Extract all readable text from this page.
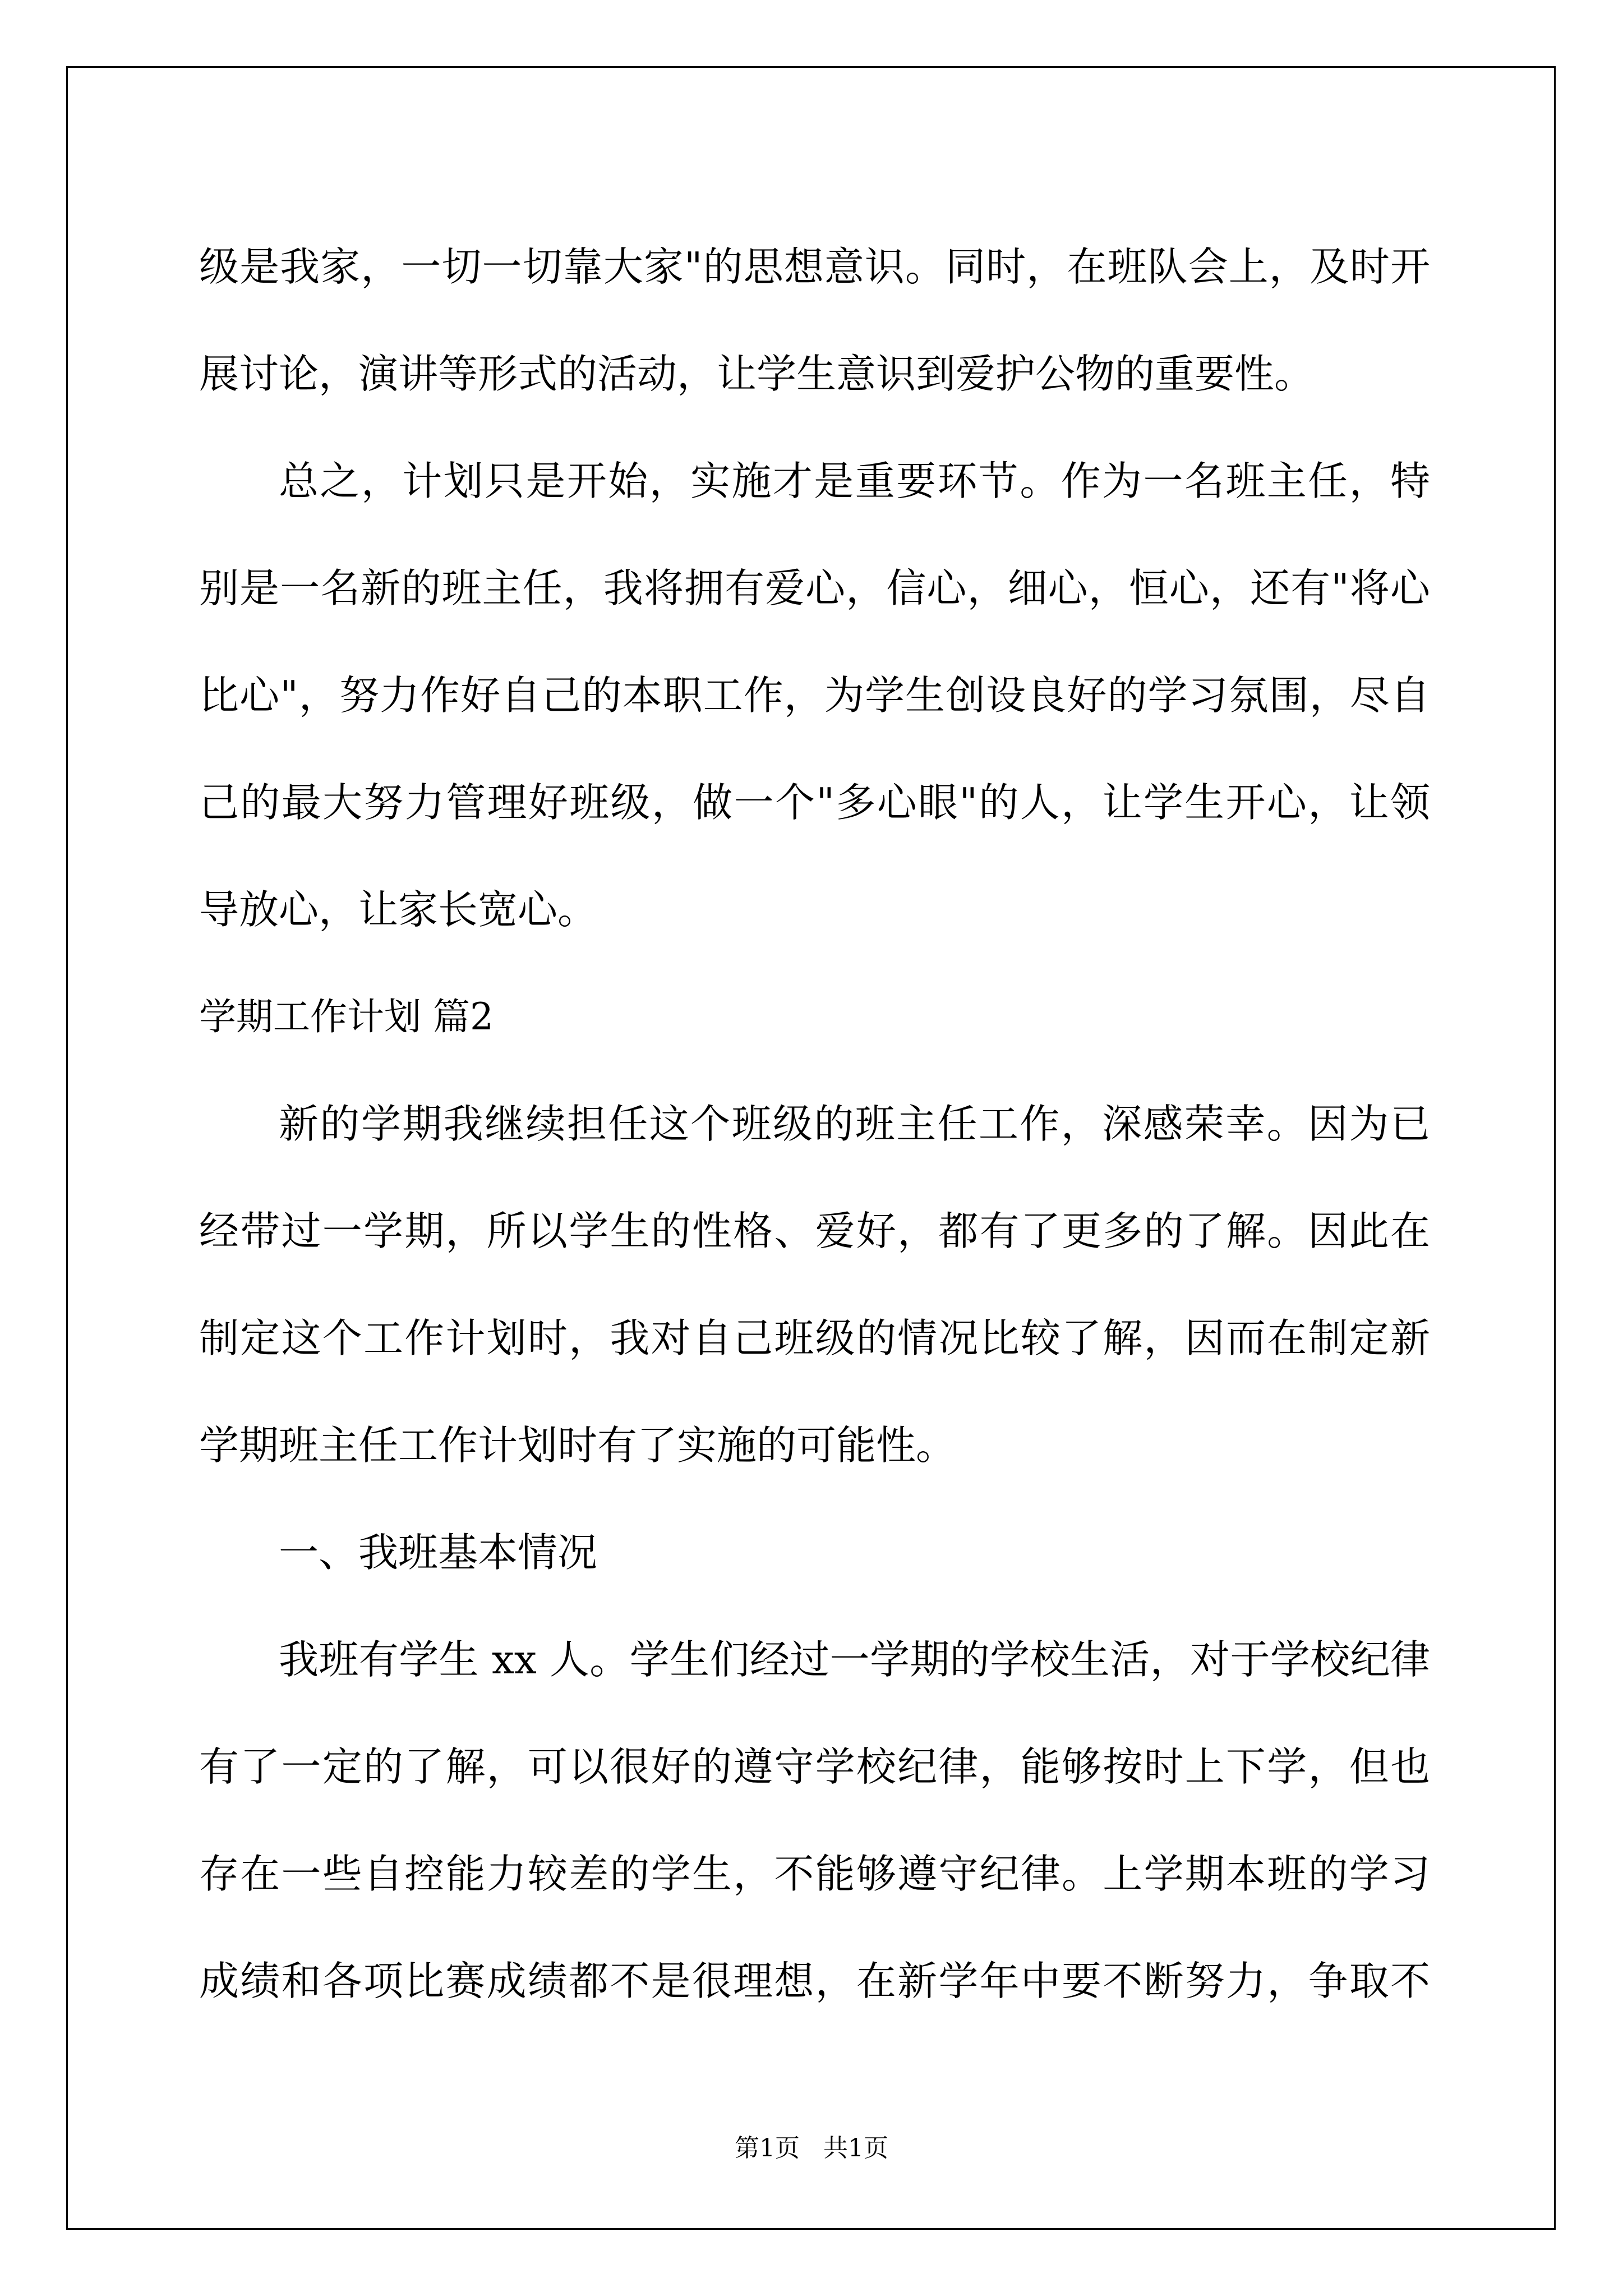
级是我家，一切一切靠大家"的思想意识。同时，在班队会上，及时开
展讨论，演讲等形式的活动，让学生意识到爱护公物的重要性。
总之，计划只是开始，实施才是重要环节。作为一名班主任，特
别是一名新的班主任，我将拥有爱心，信心，细心，恒心，还有"将心
比心"，努力作好自己的本职工作，为学生创设良好的学习氛围，尽自
己的最大努力管理好班级，做一个"多心眼"的人，让学生开心，让领
导放心，让家长宽心。
学期工作计划 篇2
新的学期我继续担任这个班级的班主任工作，深感荣幸。因为已
经带过一学期，所以学生的性格、爱好，都有了更多的了解。因此在
制定这个工作计划时，我对自己班级的情况比较了解，因而在制定新
学期班主任工作计划时有了实施的可能性。
一、我班基本情况
我班有学生 xx 人。学生们经过一学期的学校生活，对于学校纪律
有了一定的了解，可以很好的遵守学校纪律，能够按时上下学，但也
存在一些自控能力较差的学生，不能够遵守纪律。上学期本班的学习
成绩和各项比赛成绩都不是很理想，在新学年中要不断努力，争取不
第1页   共1页
